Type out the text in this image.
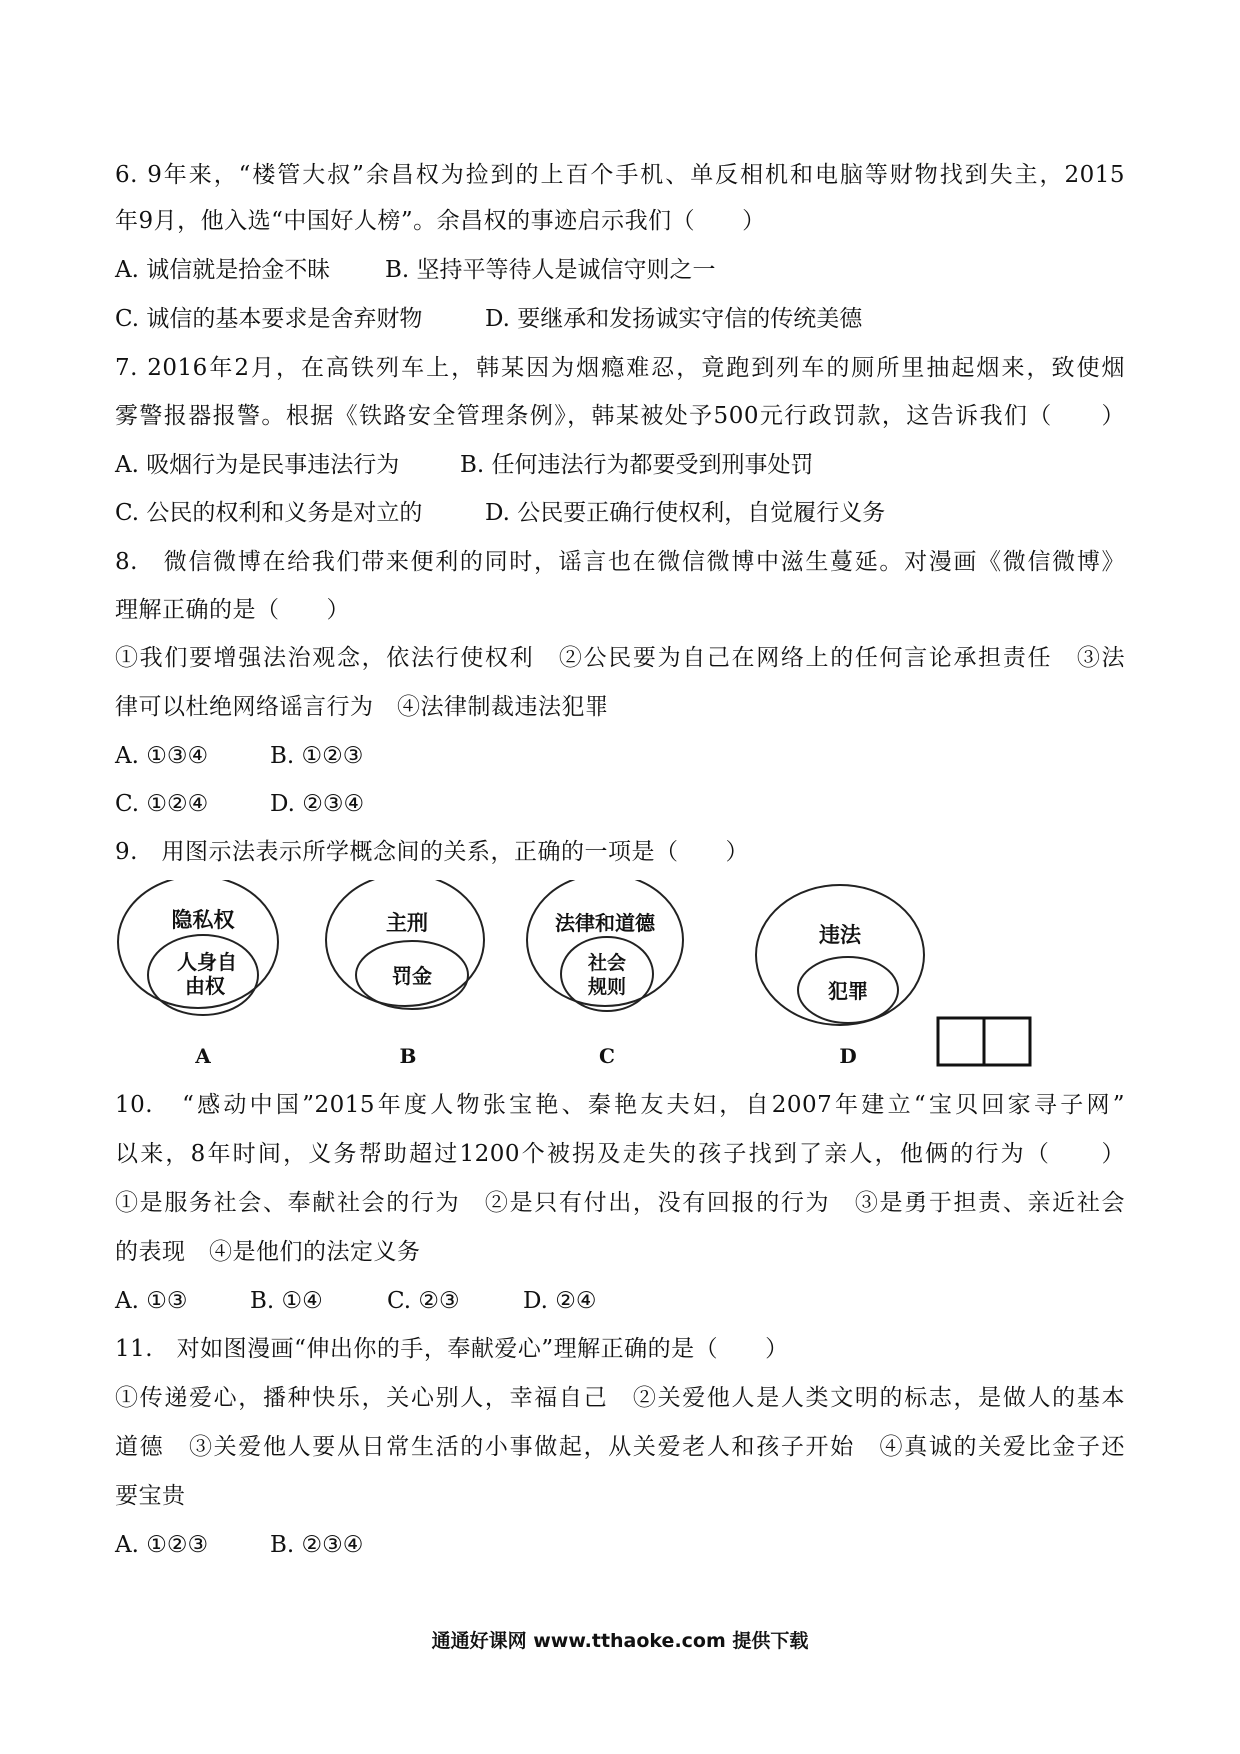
6. 9年来，“楼管大叔”余昌权为捡到的上百个手机、单反相机和电脑等财物找到失主，2015
年9月，他入选“中国好人榜”。余昌权的事迹启示我们（　　）
A. 诚信就是拾金不昧 B. 坚持平等待人是诚信守则之一
C. 诚信的基本要求是舍弃财物	D. 要继承和发扬诚实守信的传统美德
7. 2016年2月，在高铁列车上，韩某因为烟瘾难忍，竟跑到列车的厕所里抽起烟来，致使烟
雾警报器报警。根据《铁路安全管理条例》，韩某被处予500元行政罚款，这告诉我们（　　）
A. 吸烟行为是民事违法行为	B. 任何违法行为都要受到刑事处罚
C. 公民的权利和义务是对立的	D. 公民要正确行使权利，自觉履行义务
8.　微信微博在给我们带来便利的同时，谣言也在微信微博中滋生蔓延。对漫画《微信微博》
理解正确的是（　　）
①我们要增强法治观念，依法行使权利　②公民要为自己在网络上的任何言论承担责任　③法
律可以杜绝网络谣言行为　④法律制裁违法犯罪
A. ①③④	B. ①②③
C. ①②④	D. ②③④
9.　用图示法表示所学概念间的关系，正确的一项是（　　）
隐私权
人身自
由权
A
主刑
罚金
B
法律和道德
社会
规则
C
违法
犯罪
D
10.　“感动中国”2015年度人物张宝艳、秦艳友夫妇，自2007年建立“宝贝回家寻子网”
以来，8年时间，义务帮助超过1200个被拐及走失的孩子找到了亲人，他俩的行为（　　）
①是服务社会、奉献社会的行为　②是只有付出，没有回报的行为　③是勇于担责、亲近社会
的表现　④是他们的法定义务
A. ①③	B. ①④	C. ②③	D. ②④
11.　对如图漫画“伸出你的手，奉献爱心”理解正确的是（　　）
①传递爱心，播种快乐，关心别人，幸福自己　②关爱他人是人类文明的标志，是做人的基本
道德　③关爱他人要从日常生活的小事做起，从关爱老人和孩子开始　④真诚的关爱比金子还
要宝贵
A. ①②③	B. ②③④
通通好课网 www.tthaoke.com 提供下载
